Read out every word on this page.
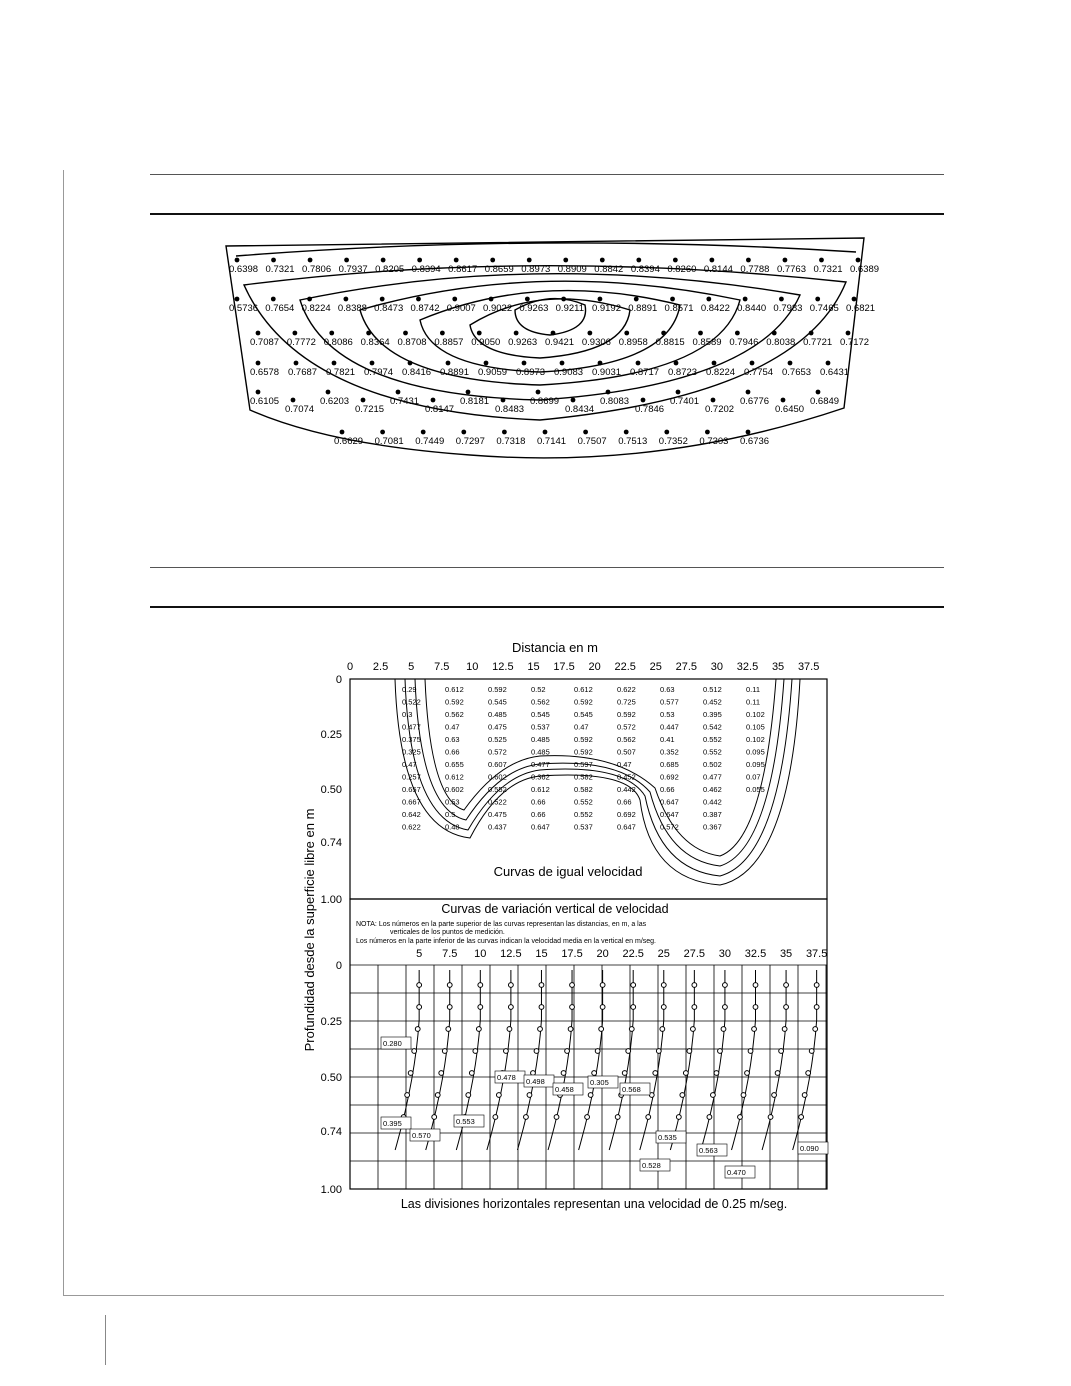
0.6398 0.7321 0.7806 0.7937 0.8205 0.8394 0.8617 0.8659 0.8973 0.8909 0.8842 0.8394 0.8260 0.8144 0.7788 0.7763 0.7321 0.6389
0.5736 0.7654 0.8224 0.8388 0.8473 0.8742 0.9007 0.9022 0.9263 0.9211 0.9192 0.8891 0.8571 0.8422 0.8440 0.7983 0.7465 0.6821
0.7087 0.7772 0.8086 0.8364 0.8708 0.8857 0.9050 0.9263 0.9421 0.9306 0.8958 0.8815 0.8589 0.7946 0.8038 0.7721 0.7172
0.6578 0.7687 0.7821 0.7974 0.8416 0.8891 0.9059 0.8973 0.9083 0.9031 0.8717 0.8723 0.8224 0.7754 0.7653 0.6431
0.6105
0.7074
0.6203
0.7215
0.7431
0.8147
0.8181
0.8483
0.8699
0.8434
0.8083
0.7846
0.7401
0.7202
0.6776
0.6450
0.6849
0.6629 0.7081 0.7449 0.7297 0.7318 0.7141 0.7507 0.7513 0.7352 0.7303 0.6736
Distancia en m
0 2.5 5 7.5 10 12.5 15 17.5 20 22.5 25 27.5 30 32.5 35 37.5
0
0.25
0.50
0.74
1.00
Curvas de igual velocidad
0.29
0.522
0.3
0.477
0.375
0.325
0.47
0.257
0.657
0.667
0.642
0.622
0.612
0.592
0.562
0.47
0.63
0.66
0.655
0.612
0.602
0.53
0.5
0.48
0.592
0.545
0.485
0.475
0.525
0.572
0.607
0.602
0.552
0.522
0.475
0.437
0.52
0.562
0.545
0.537
0.485
0.485
0.477
0.362
0.612
0.66
0.66
0.647
0.612
0.592
0.545
0.47
0.592
0.592
0.597
0.582
0.582
0.552
0.552
0.537
0.622
0.725
0.592
0.572
0.562
0.507
0.47
0.452
0.442
0.66
0.692
0.647
0.63
0.577
0.53
0.447
0.41
0.352
0.685
0.692
0.66
0.647
0.647
0.572
0.512
0.452
0.395
0.542
0.552
0.552
0.502
0.477
0.462
0.442
0.387
0.367
0.11
0.11
0.102
0.105
0.102
0.095
0.095
0.07
0.055
Curvas de variación vertical de velocidad
NOTA: Los números en la parte superior de las curvas representan las distancias, en m, a las
verticales de los puntos de medición.
Los números en la parte inferior de las curvas indican la velocidad media en la vertical en m/seg.
5 7.5 10 12.5 15 17.5 20 22.5 25 27.5 30 32.5 35 37.5
0
0.25
0.50
0.74
1.00
0.280
0.395
0.570
0.553
0.478 0.498
0.458
0.305
0.568
0.535
0.528
0.563
0.470
0.090
Profundidad desde la superficie libre en m
Las divisiones horizontales representan una velocidad de 0.25 m/seg.
